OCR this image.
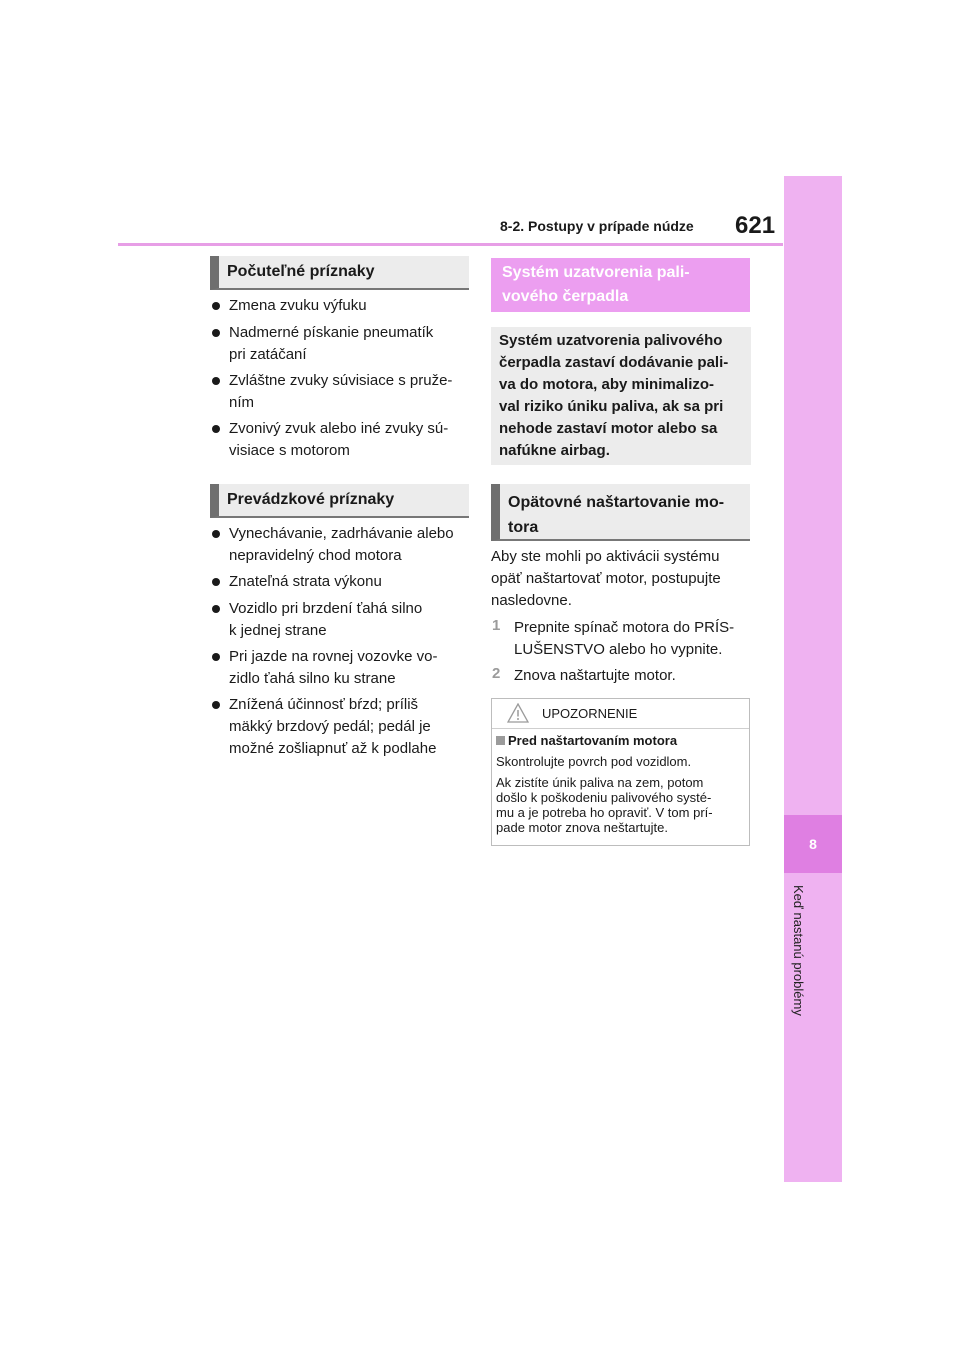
8-2. Postupy v prípade núdze 621
8
Keď nastanú problémy
Počuteľné príznaky
Zmena zvuku výfuku
Nadmerné pískanie pneumatík
pri zatáčaní
Zvláštne zvuky súvisiace s pruže-
ním
Zvonivý zvuk alebo iné zvuky sú-
visiace s motorom
Prevádzkové príznaky
Vynechávanie, zadrhávanie alebo
nepravidelný chod motora
Znateľná strata výkonu
Vozidlo pri brzdení ťahá silno
k jednej strane
Pri jazde na rovnej vozovke vo-
zidlo ťahá silno ku strane
Znížená účinnosť bŕzd; príliš
mäkký brzdový pedál; pedál je
možné zošliapnuť až k podlahe
Systém uzatvorenia pali-
vového čerpadla
Systém uzatvorenia palivového
čerpadla zastaví dodávanie pali-
va do motora, aby minimalizo-
val riziko úniku paliva, ak sa pri
nehode zastaví motor alebo sa
nafúkne airbag.
Opätovné naštartovanie mo-
tora
Aby ste mohli po aktivácii systému
opäť naštartovať motor, postupujte
nasledovne.
1 Prepnite spínač motora do PRÍS-
LUŠENSTVO alebo ho vypnite.
2 Znova naštartujte motor.
UPOZORNENIE
Pred naštartovaním motora
Skontrolujte povrch pod vozidlom.
Ak zistíte únik paliva na zem, potom
došlo k poškodeniu palivového systé-
mu a je potreba ho opraviť. V tom prí-
pade motor znova neštartujte.
